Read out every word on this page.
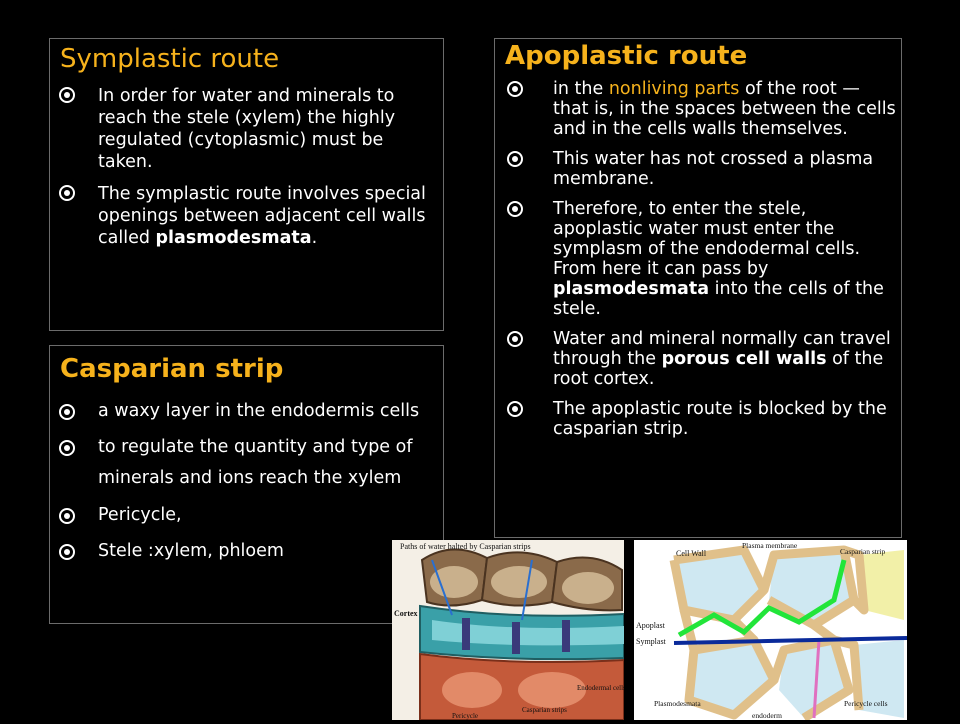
Symplastic route
In order for water and minerals to reach the stele (xylem) the highly regulated (cytoplasmic) must be taken.
The symplastic route involves special openings between adjacent cell walls called plasmodesmata.
Casparian strip
a waxy layer in the endodermis cells
to regulate the quantity and type of minerals and ions reach the xylem
Pericycle,
Stele :xylem, phloem
Apoplastic route
in the nonliving parts of the root — that is, in the spaces between the cells and in the cells walls themselves.
This water has not crossed a plasma membrane.
Therefore, to enter the stele, apoplastic water must enter the symplasm of the endodermal cells. From here it can pass by plasmodesmata into the cells of the stele.
Water and mineral normally can travel through the porous cell walls of the root cortex.
The apoplastic route is blocked by the casparian strip.
Paths of water halted by Casparian strips
Cortex
Casparian strips
Endodermal cells
Pericycle
Cell Wall
Plasma membrane
Casparian strip
Apoplast
Symplast
Plasmodesmata
endoderm
Pericycle cells
